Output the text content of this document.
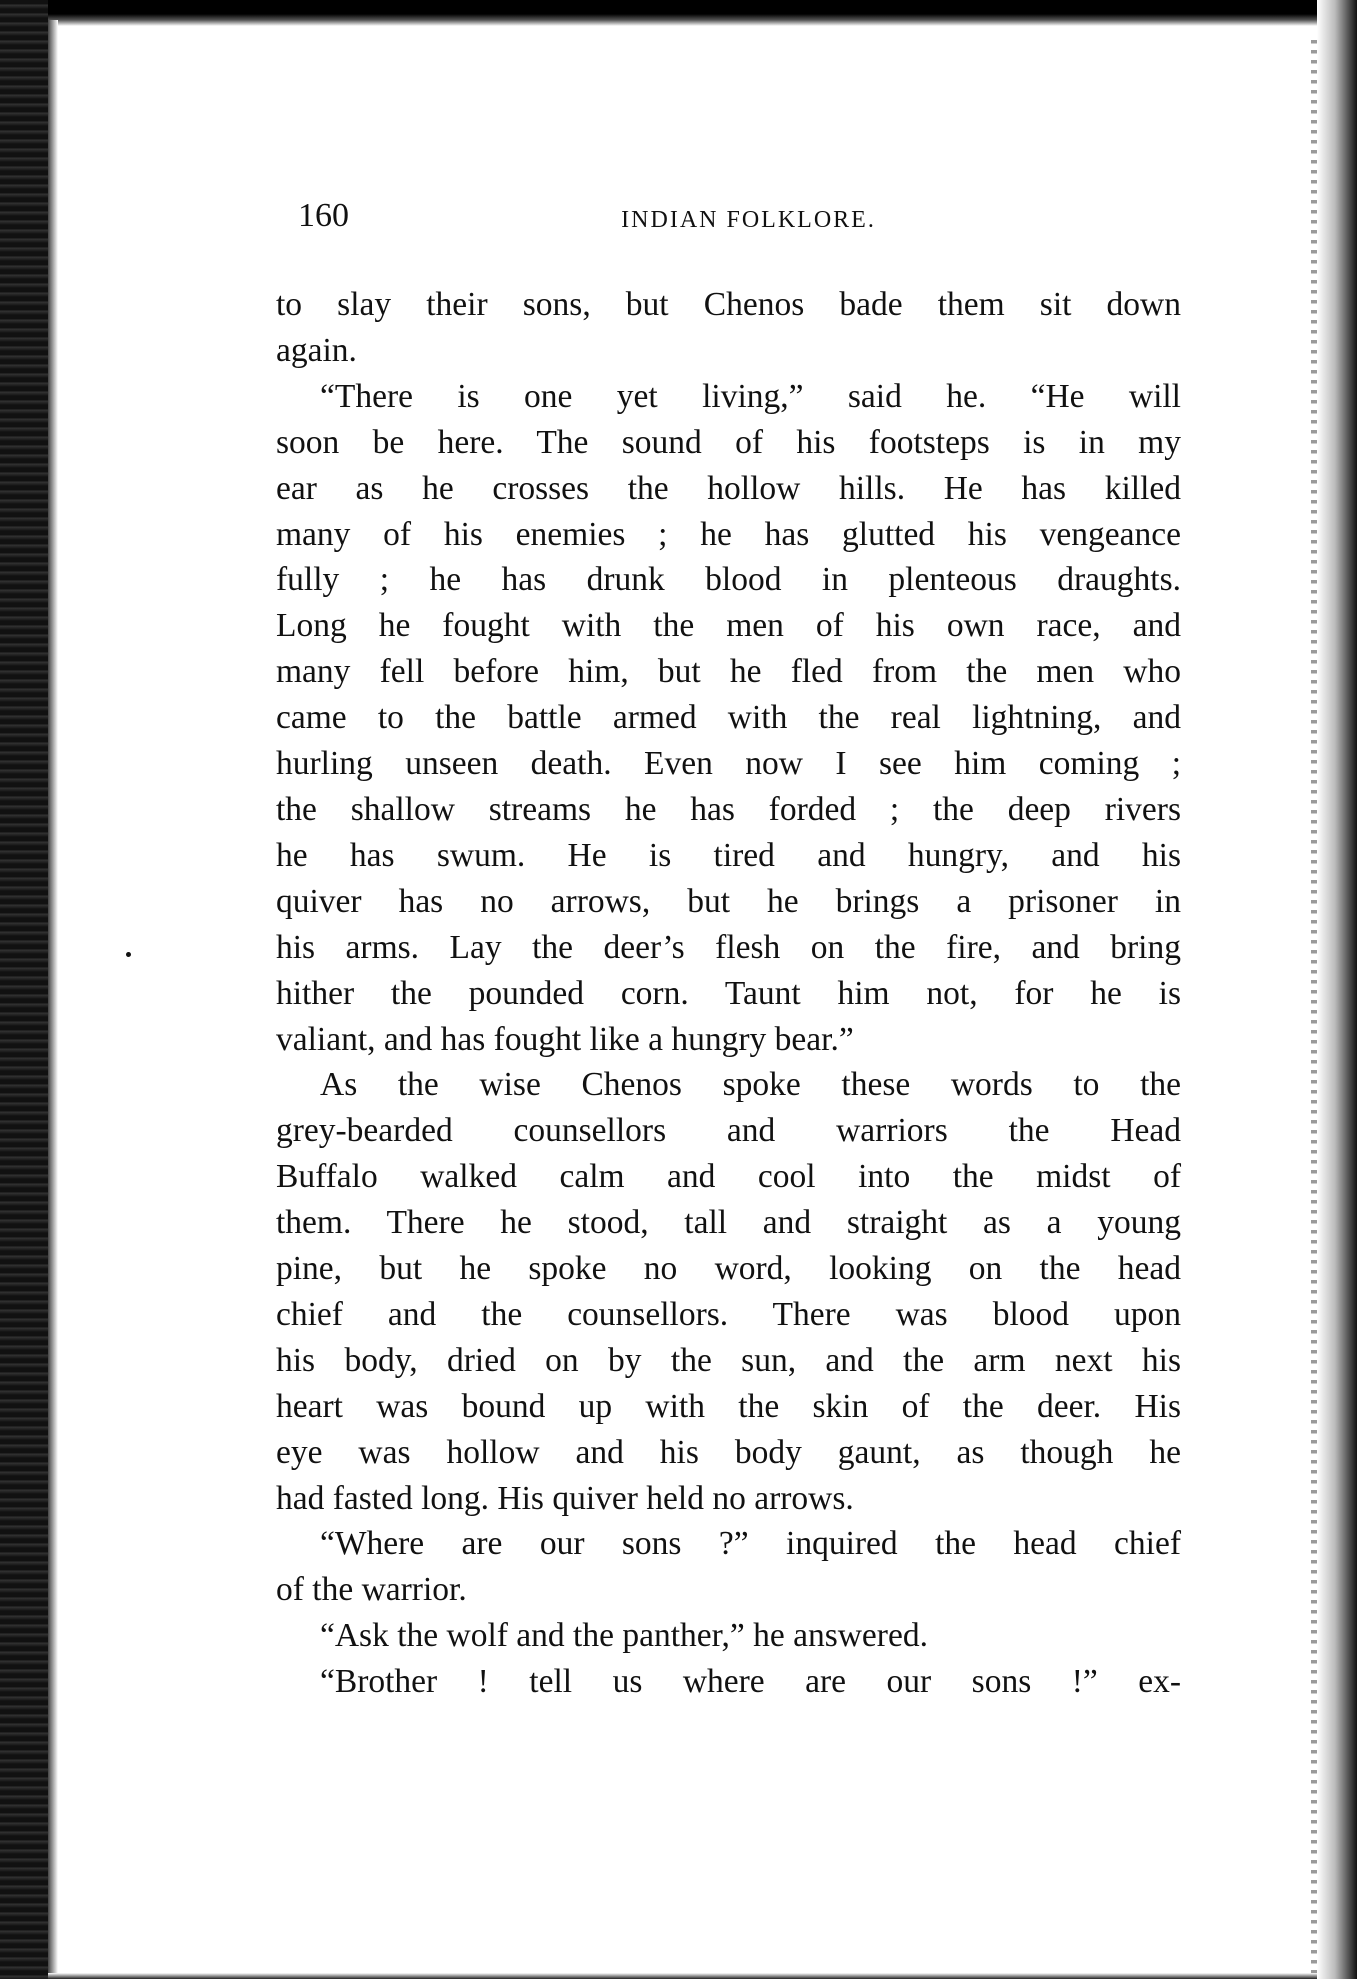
160	INDIAN FOLKLORE.
to slay their sons, but Chenos bade them sit down
again.
“There is one yet living,” said he. “He will
soon be here. The sound of his footsteps is in my
ear as he crosses the hollow hills. He has killed
many of his enemies ; he has glutted his vengeance
fully ; he has drunk blood in plenteous draughts.
Long he fought with the men of his own race, and
many fell before him, but he fled from the men who
came to the battle armed with the real lightning, and
hurling unseen death. Even now I see him coming ;
the shallow streams he has forded ; the deep rivers
he has swum. He is tired and hungry, and his
quiver has no arrows, but he brings a prisoner in
his arms. Lay the deer’s flesh on the fire, and bring
hither the pounded corn. Taunt him not, for he is
valiant, and has fought like a hungry bear.”
As the wise Chenos spoke these words to the
grey-bearded counsellors and warriors the Head
Buffalo walked calm and cool into the midst of
them. There he stood, tall and straight as a young
pine, but he spoke no word, looking on the head
chief and the counsellors. There was blood upon
his body, dried on by the sun, and the arm next his
heart was bound up with the skin of the deer. His
eye was hollow and his body gaunt, as though he
had fasted long. His quiver held no arrows.
“Where are our sons ?” inquired the head chief
of the warrior.
“Ask the wolf and the panther,” he answered.
“Brother ! tell us where are our sons !” ex-
